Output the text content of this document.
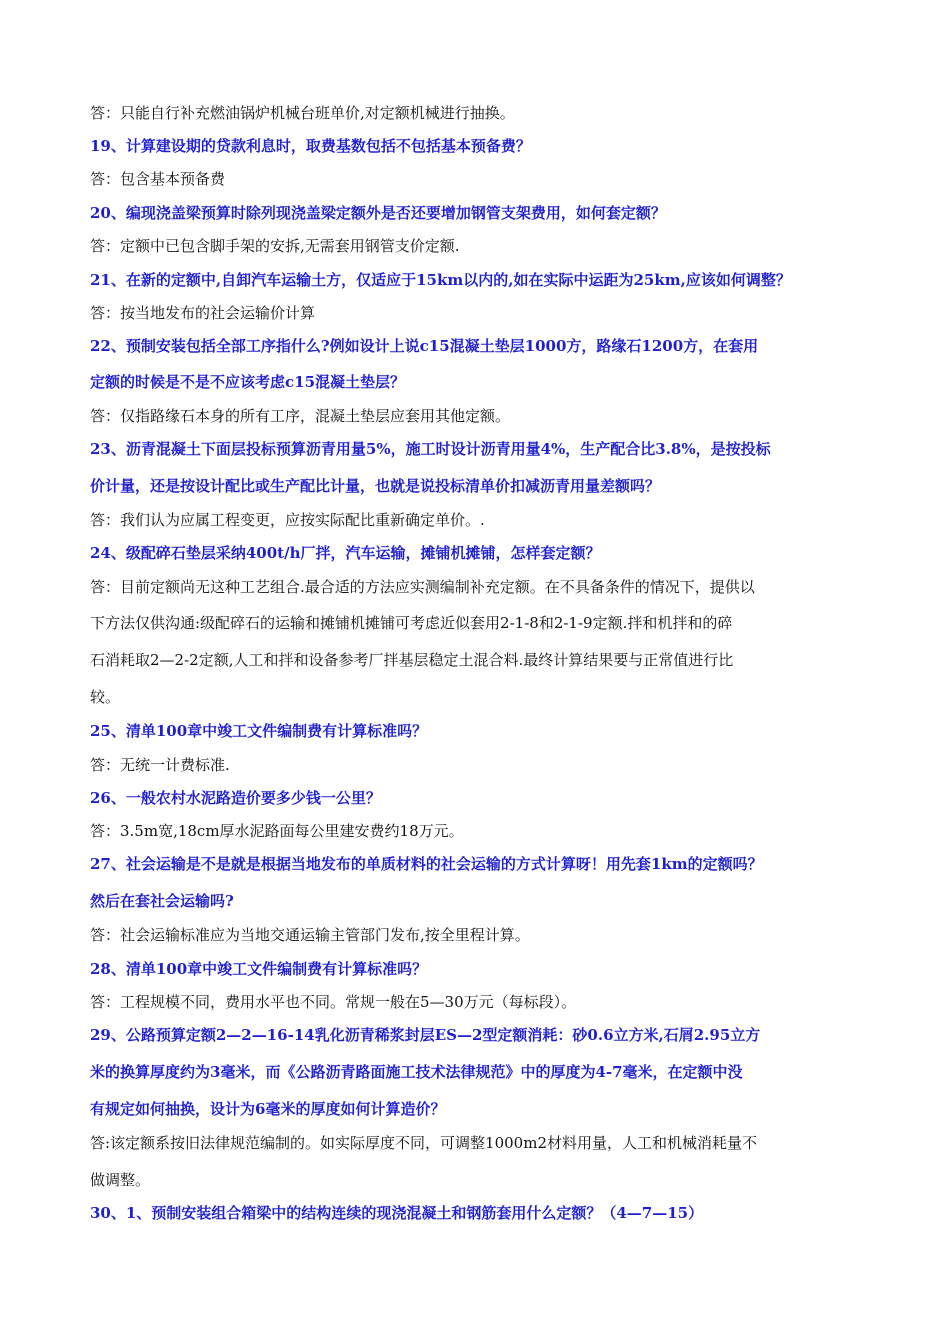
答：只能自行补充燃油锅炉机械台班单价,对定额机械进行抽换。
19、计算建设期的贷款利息时，取费基数包括不包括基本预备费？
答：包含基本预备费
20、编现浇盖梁预算时除列现浇盖梁定额外是否还要增加钢管支架费用，如何套定额？
答：定额中已包含脚手架的安拆,无需套用钢管支价定额.
21、在新的定额中,自卸汽车运输土方，仅适应于15km以内的,如在实际中运距为25km,应该如何调整？
答：按当地发布的社会运输价计算
22、预制安装包括全部工序指什么?例如设计上说c15混凝土垫层1000方，路缘石1200方，在套用
定额的时候是不是不应该考虑c15混凝土垫层？
答：仅指路缘石本身的所有工序，混凝土垫层应套用其他定额。
23、沥青混凝土下面层投标预算沥青用量5%，施工时设计沥青用量4%，生产配合比3.8%，是按投标
价计量，还是按设计配比或生产配比计量，也就是说投标清单价扣减沥青用量差额吗？
答：我们认为应属工程变更，应按实际配比重新确定单价。.
24、级配碎石垫层采纳400t/h厂拌，汽车运输，摊铺机摊铺，怎样套定额？
答：目前定额尚无这种工艺组合.最合适的方法应实测编制补充定额。在不具备条件的情况下，提供以
下方法仅供沟通:级配碎石的运输和摊铺机摊铺可考虑近似套用2-1-8和2-1-9定额.拌和机拌和的碎
石消耗取2—2-2定额,人工和拌和设备参考厂拌基层稳定土混合料.最终计算结果要与正常值进行比
较。
25、清单100章中竣工文件编制费有计算标准吗？
答：无统一计费标准.
26、一般农村水泥路造价要多少钱一公里？
答：3.5m宽,18cm厚水泥路面每公里建安费约18万元。
27、社会运输是不是就是根据当地发布的单质材料的社会运输的方式计算呀！用先套1km的定额吗？
然后在套社会运输吗?
答：社会运输标准应为当地交通运输主管部门发布,按全里程计算。
28、清单100章中竣工文件编制费有计算标准吗？
答：工程规模不同，费用水平也不同。常规一般在5—30万元（每标段）。
29、公路预算定额2—2—16-14乳化沥青稀浆封层ES—2型定额消耗：砂0.6立方米,石屑2.95立方
米的换算厚度约为3毫米，而《公路沥青路面施工技术法律规范》中的厚度为4-7毫米，在定额中没
有规定如何抽换，设计为6毫米的厚度如何计算造价？
答:该定额系按旧法律规范编制的。如实际厚度不同，可调整1000m2材料用量，人工和机械消耗量不
做调整。
30、1、预制安装组合箱梁中的结构连续的现浇混凝土和钢筋套用什么定额？（4—7—15）
